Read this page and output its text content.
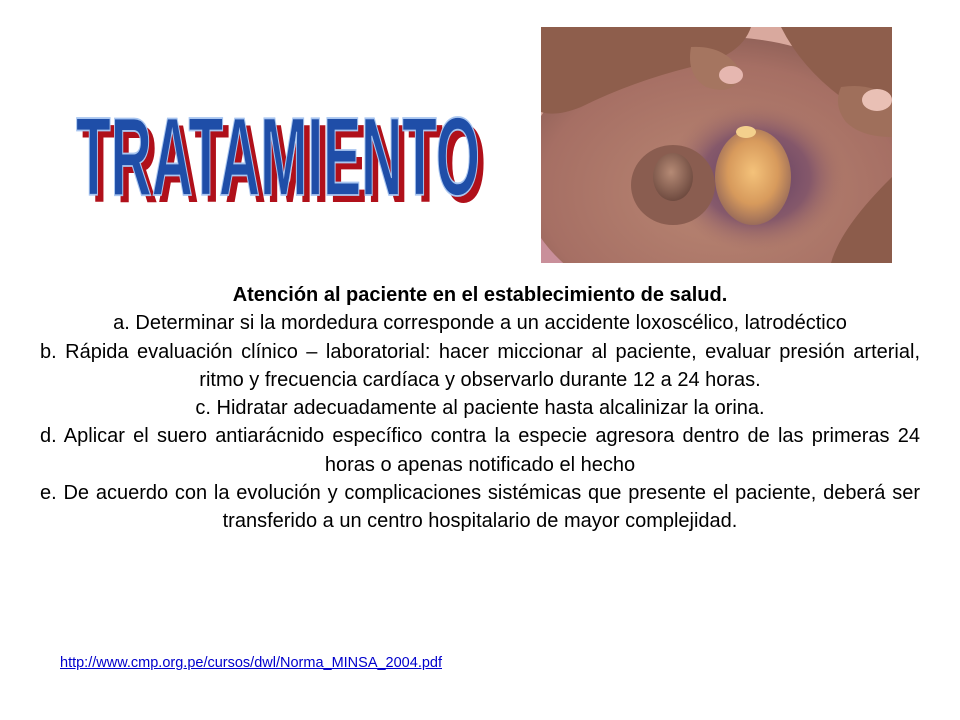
TRATAMIENTO
TRATAMIENTO

Atención al paciente en el establecimiento de salud.

a. Determinar si la mordedura corresponde a un accidente loxoscélico, latrodéctico

b. Rápida evaluación clínico – laboratorial: hacer miccionar al paciente, evaluar presión arterial, ritmo y frecuencia cardíaca y observarlo durante 12 a 24 horas.

c. Hidratar adecuadamente al paciente hasta alcalinizar la orina.

d. Aplicar el suero antiarácnido específico contra la especie agresora dentro de las primeras 24 horas o apenas notificado el hecho

e. De acuerdo con la evolución y complicaciones sistémicas que presente el paciente, deberá ser transferido a un centro hospitalario de mayor complejidad.

http://www.cmp.org.pe/cursos/dwl/Norma_MINSA_2004.pdf
